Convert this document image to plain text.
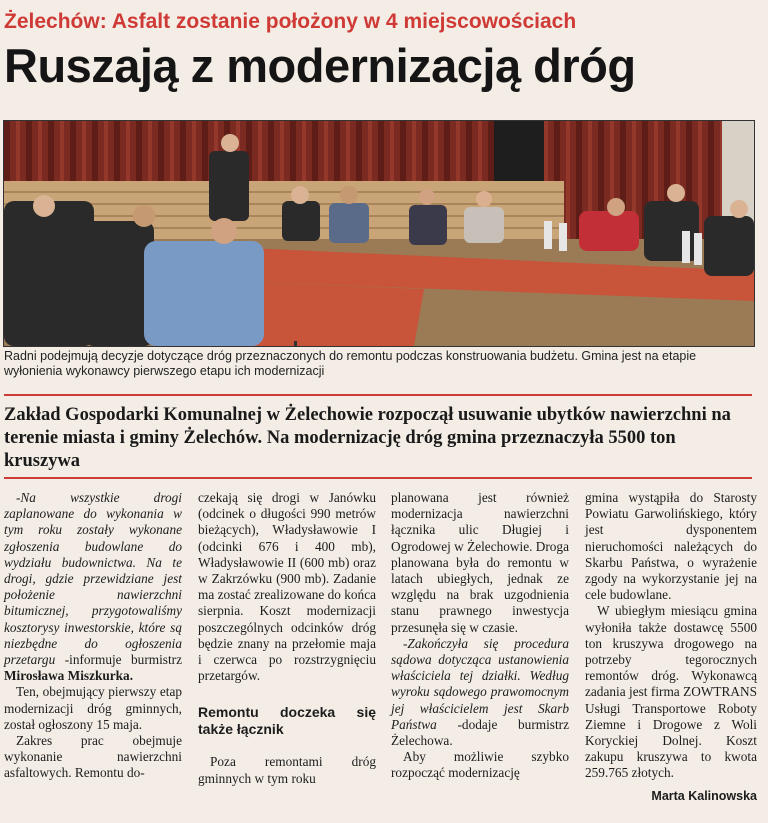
Żelechów: Asfalt zostanie położony w 4 miejscowościach
Ruszają z modernizacją dróg
Radni podejmują decyzje dotyczące dróg przeznaczonych do remontu podczas konstruowania budżetu. Gmina jest na etapie wyłonienia wykonawcy pierwszego etapu ich modernizacji
Zakład Gospodarki Komunalnej w Żelechowie rozpoczął usuwanie ubytków nawierzchni na terenie miasta i gminy Żelechów. Na modernizację dróg gmina przeznaczyła 5500 ton kruszywa

-Na wszystkie drogi zaplanowane do wykonania w tym roku zostały wykonane zgłoszenia budowlane do wydziału budownictwa. Na te drogi, gdzie przewidziane jest położenie nawierzchni bitumicznej, przygotowaliśmy kosztorysy inwestorskie, które są niezbędne do ogłoszenia przetargu -informuje burmistrz Mirosława Miszkurka.

Ten, obejmujący pierwszy etap modernizacji dróg gminnych, został ogłoszony 15 maja.

Zakres prac obejmuje wykonanie nawierzchni asfaltowych. Remontu do-

czekają się drogi w Janówku (odcinek o długości 990 metrów bieżących), Władysławowie I (odcinki 676 i 400 mb), Władysławowie II (600 mb) oraz w Zakrzówku (900 mb). Zadanie ma zostać zrealizowane do końca sierpnia. Koszt modernizacji poszczególnych odcinków dróg będzie znany na przełomie maja i czerwca po rozstrzygnięciu przetargów.

Remontu doczeka się także łącznik

Poza remontami dróg gminnych w tym roku

planowana jest również modernizacja nawierzchni łącznika ulic Długiej i Ogrodowej w Żelechowie. Droga planowana była do remontu w latach ubiegłych, jednak ze względu na brak uzgodnienia stanu prawnego inwestycja przesunęła się w czasie.

-Zakończyła się procedura sądowa dotycząca ustanowienia właściciela tej działki. Według wyroku sądowego prawomocnym jej właścicielem jest Skarb Państwa -dodaje burmistrz Żelechowa.

Aby możliwie szybko rozpocząć modernizację

gmina wystąpiła do Starosty Powiatu Garwolińskiego, który jest dysponentem nieruchomości należących do Skarbu Państwa, o wyrażenie zgody na wykorzystanie jej na cele budowlane.

W ubiegłym miesiącu gmina wyłoniła także dostawcę 5500 ton kruszywa drogowego na potrzeby tegorocznych remontów dróg. Wykonawcą zadania jest firma ZOWTRANS Usługi Transportowe Roboty Ziemne i Drogowe z Woli Koryckiej Dolnej. Koszt zakupu kruszywa to kwota 259.765 złotych.

Marta Kalinowska
